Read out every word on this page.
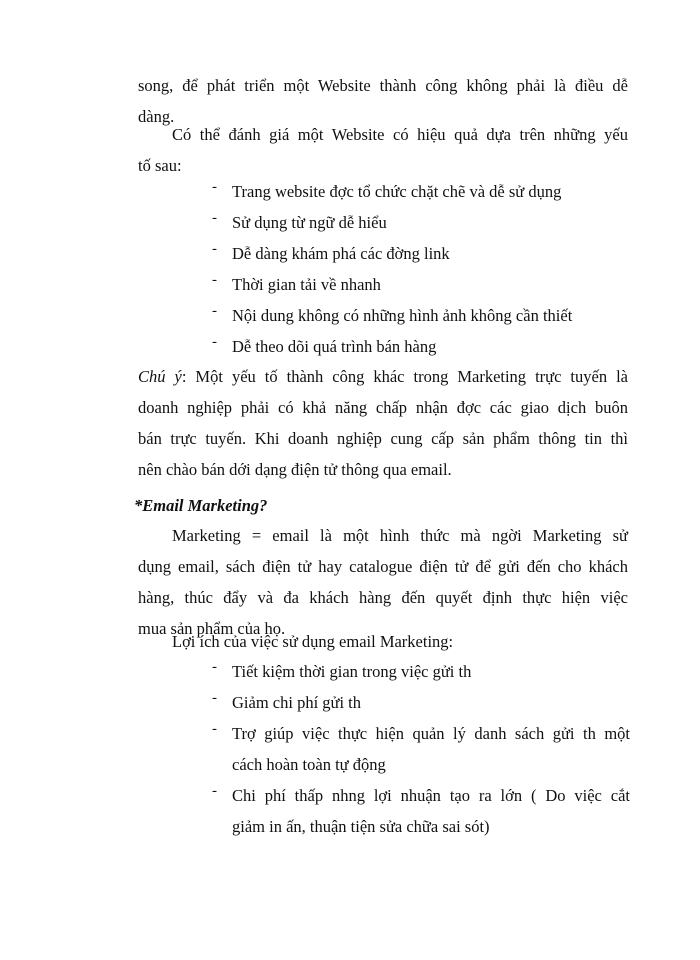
song, để phát triển một Website thành công không phải là điều dễ
dàng.
Có thể đánh giá một Website có hiệu quả dựa trên những yếu
tố sau:
- Trang website đợc tổ chức chặt chẽ và dễ sử dụng
- Sử dụng từ ngữ dễ hiểu
- Dễ dàng khám phá các đờng link
- Thời gian tải về nhanh
- Nội dung không có những hình ảnh không cần thiết
- Dễ theo dõi quá trình bán hàng
Chú ý: Một yếu tố thành công khác trong Marketing trực tuyến là
doanh nghiệp phải có khả năng chấp nhận đợc các giao dịch buôn
bán trực tuyến. Khi doanh nghiệp cung cấp sản phẩm thông tin thì
nên chào bán dới dạng điện tử thông qua email.
*Email Marketing?
Marketing = email là một hình thức mà ngời Marketing sử
dụng email, sách điện tử hay catalogue điện tử để gửi đến cho khách
hàng, thúc đẩy và đa khách hàng đến quyết định thực hiện việc
mua sản phẩm của họ.
Lợi ích của việc sử dụng email Marketing:
- Tiết kiệm thời gian trong việc gửi th
- Giảm chi phí gửi th
- Trợ giúp việc thực hiện quản lý danh sách gửi th một
cách hoàn toàn tự động
- Chi phí thấp nhng lợi nhuận tạo ra lớn ( Do việc cắt
giảm in ấn, thuận tiện sửa chữa sai sót)
